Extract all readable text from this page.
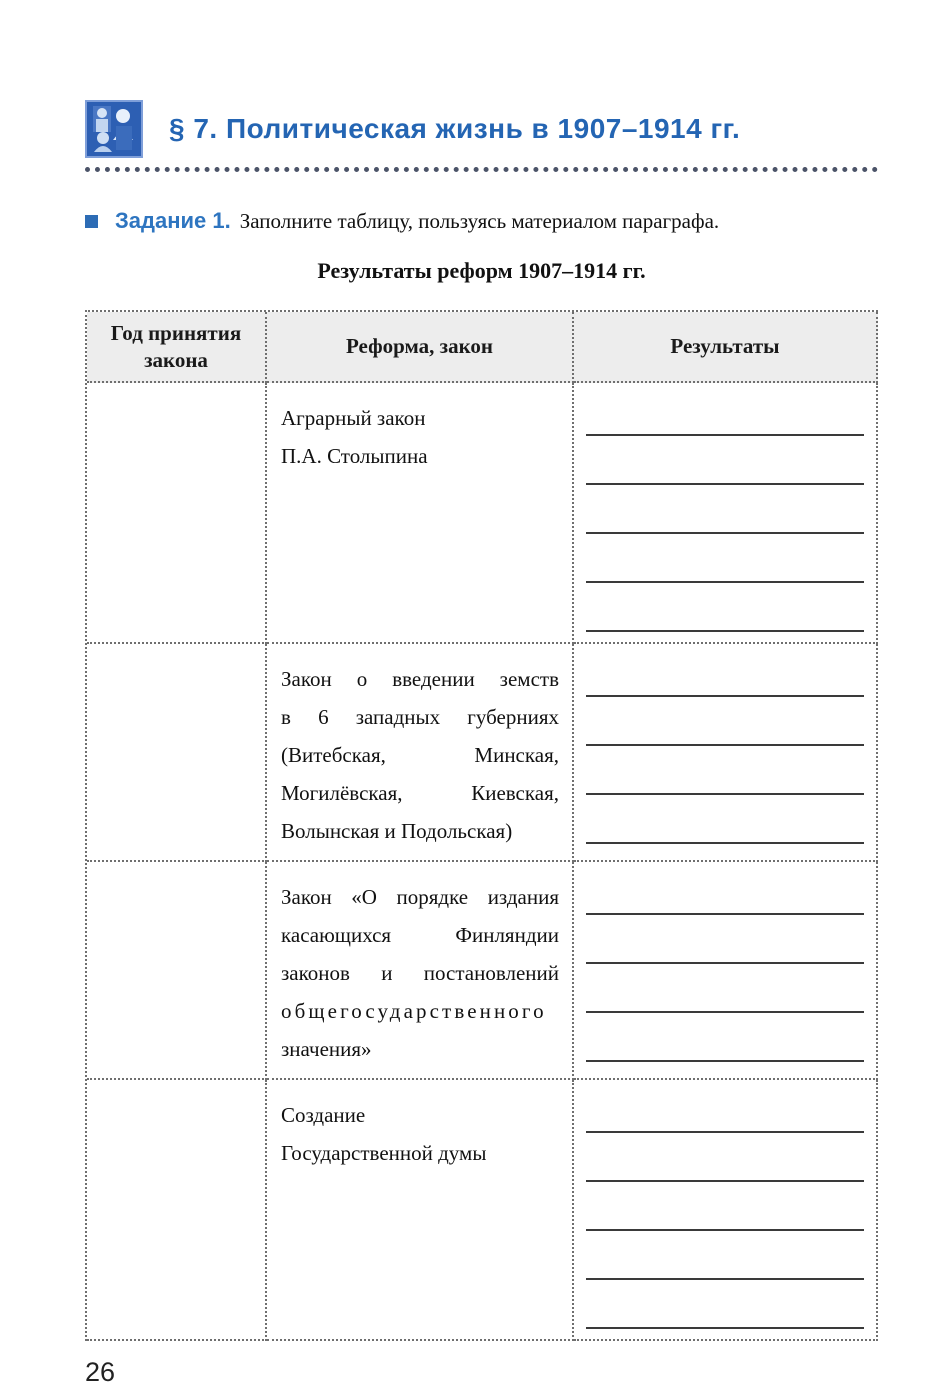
§ 7. Политическая жизнь в 1907–1914 гг.
Задание 1. Заполните таблицу, пользуясь материалом параграфа.
Результаты реформ 1907–1914 гг.
Год принятия закона
Реформа, закон	Результаты
Аграрный закон
П.А. Столыпина
Закон о введении земств
в 6 западных губерниях
(Витебская, Минская,
Могилёвская, Киевская,
Волынская и Подольская)
Закон «О порядке издания
касающихся Финляндии
законов и постановлений
общегосударственного
значения»
Создание
Государственной думы
26
